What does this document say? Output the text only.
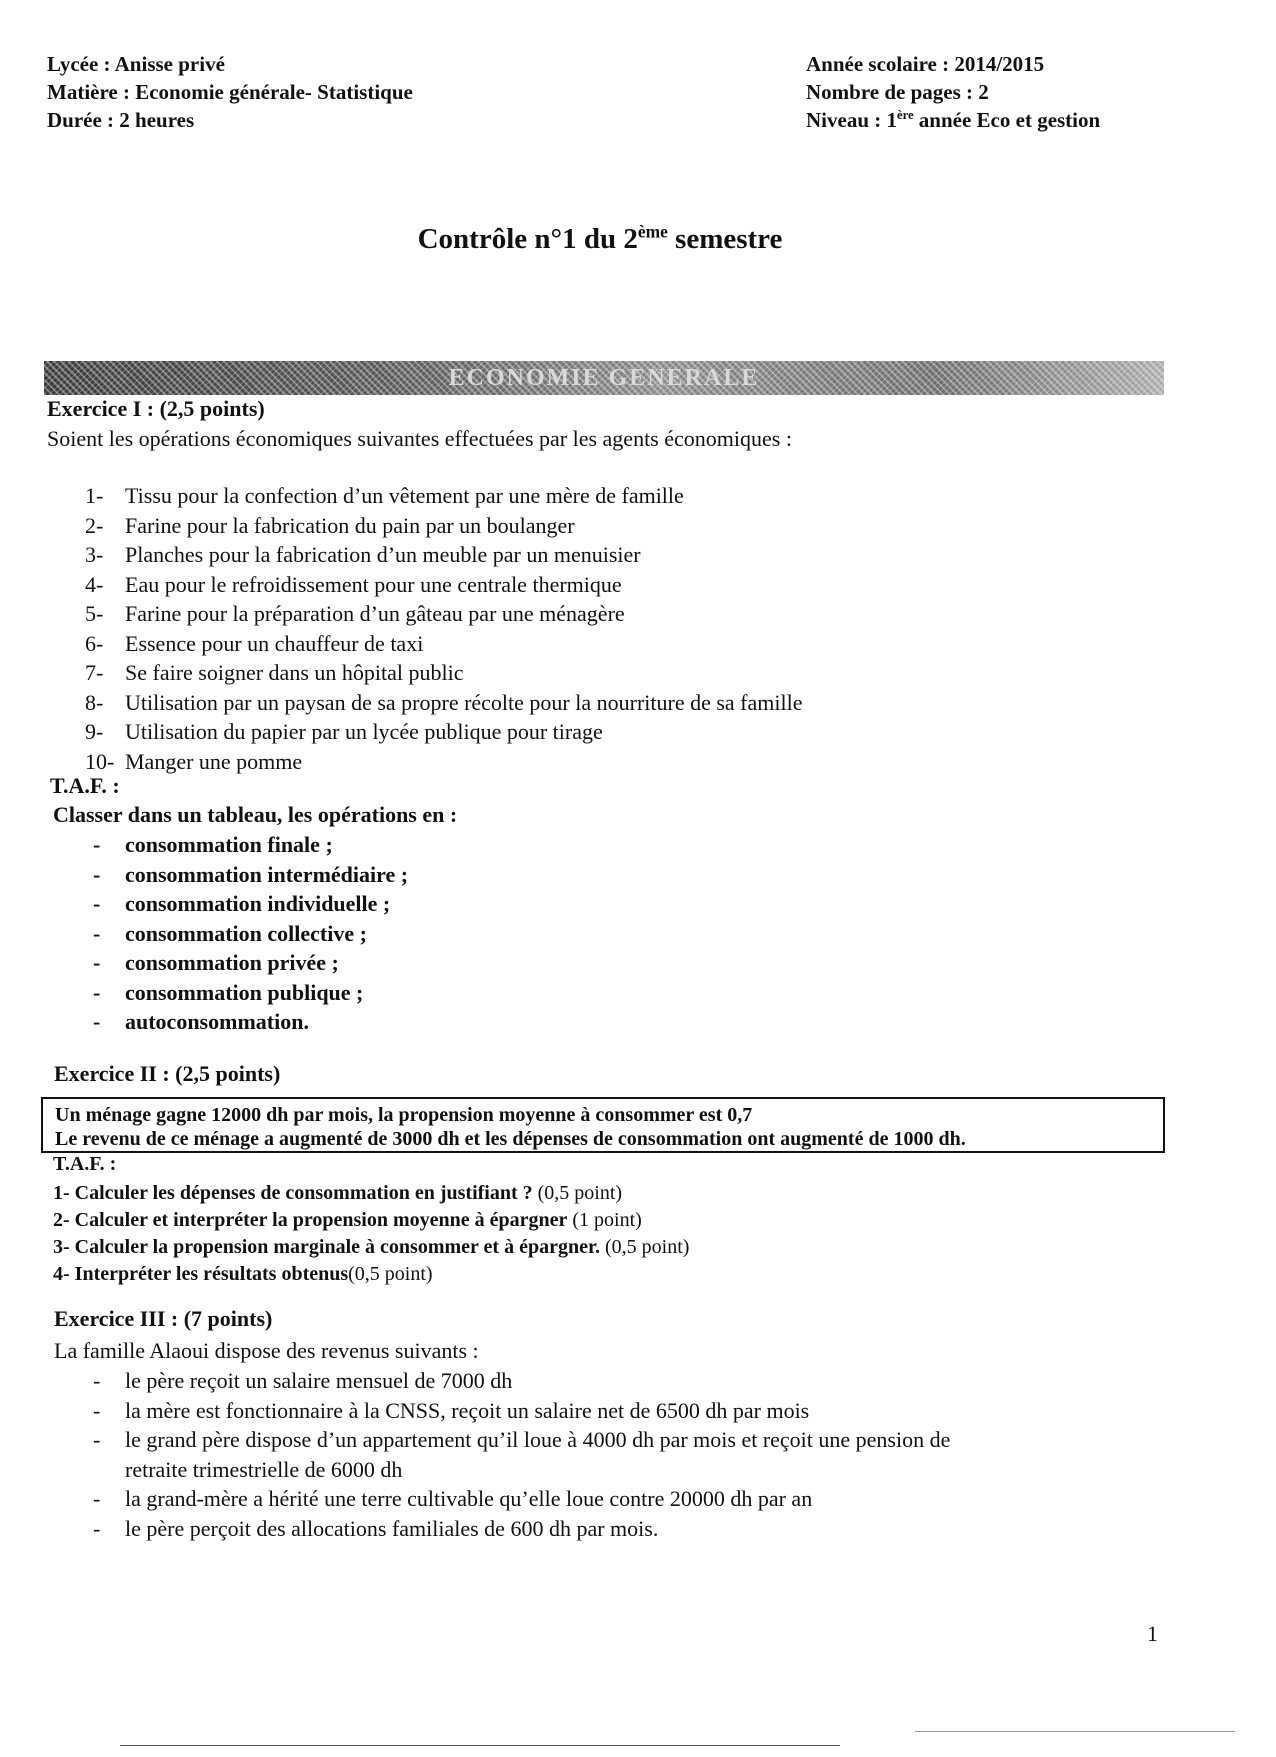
Lycée : Anisse privé
Matière : Economie générale- Statistique
Durée : 2 heures
Année scolaire : 2014/2015
Nombre de pages : 2
Niveau : 1ère année Eco et gestion
Contrôle n°1 du 2ème semestre
ECONOMIE GENERALE
Exercice I : (2,5 points)
Soient les opérations économiques suivantes effectuées par les agents économiques :
1- Tissu pour la confection d’un vêtement par une mère de famille
2- Farine pour la fabrication du pain par un boulanger
3- Planches pour la fabrication d’un meuble par un menuisier
4- Eau pour le refroidissement pour une centrale thermique
5- Farine pour la préparation d’un gâteau par une ménagère
6- Essence pour un chauffeur de taxi
7- Se faire soigner dans un hôpital public
8- Utilisation par un paysan de sa propre récolte pour la nourriture de sa famille
9- Utilisation du papier par un lycée publique pour tirage
10- Manger une pomme
T.A.F. :
Classer dans un tableau, les opérations en :
- consommation finale ;
- consommation intermédiaire ;
- consommation individuelle ;
- consommation collective ;
- consommation privée ;
- consommation publique ;
- autoconsommation.
Exercice II : (2,5 points)
Un ménage gagne 12000 dh par mois, la propension moyenne à consommer est 0,7
Le revenu de ce ménage a augmenté de 3000 dh et les dépenses de consommation ont augmenté de 1000 dh.
T.A.F. :
1- Calculer les dépenses de consommation en justifiant ? (0,5 point)
2- Calculer et interpréter la propension moyenne à épargner (1 point)
3- Calculer la propension marginale à consommer et à épargner. (0,5 point)
4- Interpréter les résultats obtenus(0,5 point)
Exercice III : (7 points)
La famille Alaoui dispose des revenus suivants :
- le père reçoit un salaire mensuel de 7000 dh
- la mère est fonctionnaire à la CNSS, reçoit un salaire net de 6500 dh par mois
- le grand père dispose d’un appartement qu’il loue à 4000 dh par mois et reçoit une pension de
retraite trimestrielle de 6000 dh
- la grand-mère a hérité une terre cultivable qu’elle loue contre 20000 dh par an
- le père perçoit des allocations familiales de 600 dh par mois.
1
